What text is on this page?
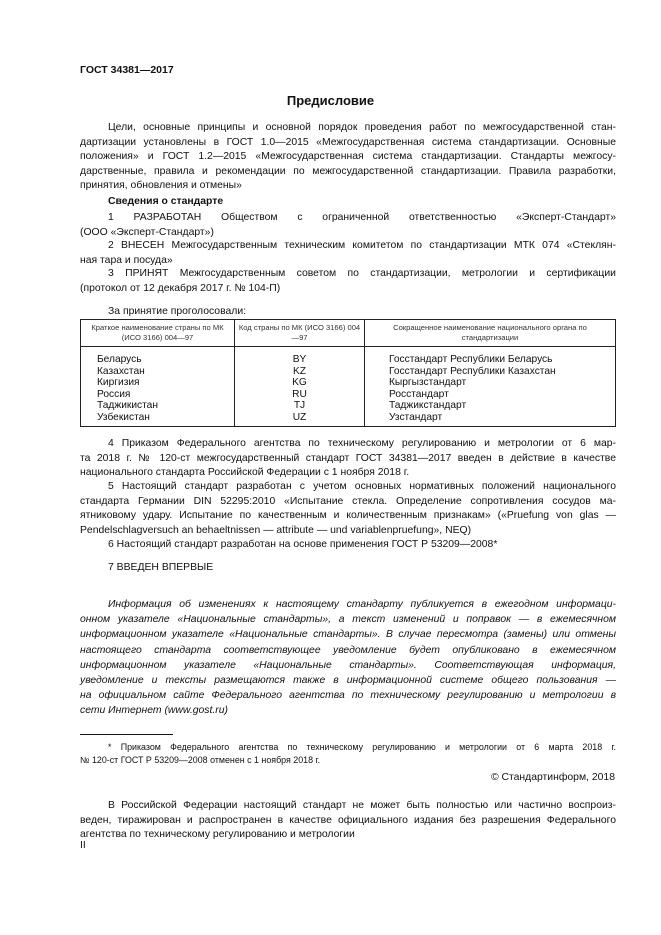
ГОСТ 34381—2017
Предисловие
Цели, основные принципы и основной порядок проведения работ по межгосударственной стан-
дартизации установлены в ГОСТ 1.0—2015 «Межгосударственная система стандартизации. Основные
положения» и ГОСТ 1.2—2015 «Межгосударственная система стандартизации. Стандарты межгосу-
дарственные, правила и рекомендации по межгосударственной стандартизации. Правила разработки,
принятия, обновления и отмены»
Сведения о стандарте
1 РАЗРАБОТАН Обществом с ограниченной ответственностью «Эксперт-Стандарт»
(ООО «Эксперт-Стандарт»)
2 ВНЕСЕН Межгосударственным техническим комитетом по стандартизации МТК 074 «Стеклян-
ная тара и посуда»
3 ПРИНЯТ Межгосударственным советом по стандартизации, метрологии и сертификации
(протокол от 12 декабря 2017 г. № 104-П)
За принятие проголосовали:
Краткое наименование страны по МК (ИСО 3166) 004—97	Код страны по МК (ИСО 3166) 004—97	Сокращенное наименование национального органа по стандартизации
Беларусь	BY	Госстандарт Республики Беларусь
Казахстан	KZ	Госстандарт Республики Казахстан
Киргизия	KG	Кыргызстандарт
Россия	RU	Росстандарт
Таджикистан	TJ	Таджикстандарт
Узбекистан	UZ	Узстандарт
4 Приказом Федерального агентства по техническому регулированию и метрологии от 6 мар-
та 2018 г. № 120-ст межгосударственный стандарт ГОСТ 34381—2017 введен в действие в качестве
национального стандарта Российской Федерации с 1 ноября 2018 г.
5 Настоящий стандарт разработан с учетом основных нормативных положений национального
стандарта Германии DIN 52295:2010 «Испытание стекла. Определение сопротивления сосудов ма-
ятниковому удару. Испытание по качественным и количественным признакам» («Pruefung von glas —
Pendelschlagversuch an behaeltnissen — attribute — und variablenpruefung», NEQ)
6 Настоящий стандарт разработан на основе применения ГОСТ Р 53209—2008*
7 ВВЕДЕН ВПЕРВЫЕ
Информация об изменениях к настоящему стандарту публикуется в ежегодном информаци-
онном указателе «Национальные стандарты», а текст изменений и поправок — в ежемесячном
информационном указателе «Национальные стандарты». В случае пересмотра (замены) или отмены
настоящего стандарта соответствующее уведомление будет опубликовано в ежемесячном
информационном указателе «Национальные стандарты». Соответствующая информация,
уведомление и тексты размещаются также в информационной системе общего пользования —
на официальном сайте Федерального агентства по техническому регулированию и метрологии в
сети Интернет (www.gost.ru)
* Приказом Федерального агентства по техническому регулированию и метрологии от 6 марта 2018 г.
№ 120-ст ГОСТ Р 53209—2008 отменен с 1 ноября 2018 г.
© Стандартинформ, 2018
В Российской Федерации настоящий стандарт не может быть полностью или частично воспроиз-
веден, тиражирован и распространен в качестве официального издания без разрешения Федерального
агентства по техническому регулированию и метрологии
II
